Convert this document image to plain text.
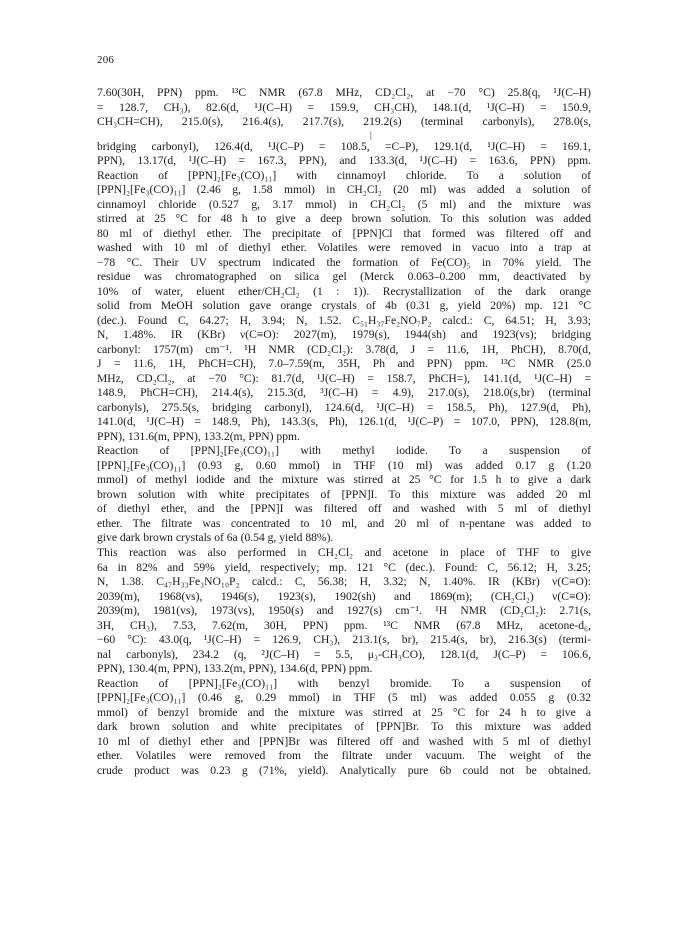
206
7.60(30H, PPN) ppm. ¹³C NMR (67.8 MHz, CD₂Cl₂, at −70 °C) 25.8(q, ¹J(C–H)
= 128.7, CH₃), 82.6(d, ¹J(C–H) = 159.9, CH₃CH), 148.1(d, ¹J(C–H) = 150.9,
CH₃CH=CH), 215.0(s), 216.4(s), 217.7(s), 219.2(s) (terminal carbonyls), 278.0(s,
|
bridging carbonyl), 126.4(d, ¹J(C–P) = 108.5, =C–P), 129.1(d, ¹J(C–H) = 169.1,
PPN), 13.17(d, ¹J(C–H) = 167.3, PPN), and 133.3(d, ¹J(C–H) = 163.6, PPN) ppm.
Reaction of [PPN]₂[Fe₃(CO)₁₁] with cinnamoyl chloride. To a solution of
[PPN]₂[Fe₃(CO)₁₁] (2.46 g, 1.58 mmol) in CH₂Cl₂ (20 ml) was added a solution of
cinnamoyl chloride (0.527 g, 3.17 mmol) in CH₂Cl₂ (5 ml) and the mixture was
stirred at 25 °C for 48 h to give a deep brown solution. To this solution was added
80 ml of diethyl ether. The precipitate of [PPN]Cl that formed was filtered off and
washed with 10 ml of diethyl ether. Volatiles were removed in vacuo into a trap at
−78 °C. Their UV spectrum indicated the formation of Fe(CO)₅ in 70% yield. The
residue was chromatographed on silica gel (Merck 0.063–0.200 mm, deactivated by
10% of water, eluent ether/CH₂Cl₂ (1 : 1)). Recrystallization of the dark orange
solid from MeOH solution gave orange crystals of 4b (0.31 g, yield 20%) mp. 121 °C
(dec.). Found C, 64.27; H, 3.94; N, 1.52. C₅₁H₃₇Fe₂NO₇P₂ calcd.: C, 64.51; H, 3.93;
N, 1.48%. IR (KBr) ν(C≡O): 2027(m), 1979(s), 1944(sh) and 1923(vs); bridging
carbonyl: 1757(m) cm⁻¹. ¹H NMR (CD₂Cl₂): 3.78(d, J = 11.6, 1H, PhCH), 8.70(d,
J = 11.6, 1H, PhCH=CH), 7.0–7.59(m, 35H, Ph and PPN) ppm. ¹³C NMR (25.0
MHz, CD₂Cl₂, at −70 °C): 81.7(d, ¹J(C–H) = 158.7, PhCH=), 141.1(d, ¹J(C–H) =
148.9, PhCH=CH), 214.4(s), 215.3(d, ³J(C–H) = 4.9), 217.0(s), 218.0(s,br) (terminal
carbonyls), 275.5(s, bridging carbonyl), 124.6(d, ¹J(C–H) = 158.5, Ph), 127.9(d, Ph),
141.0(d, ¹J(C–H) = 148.9, Ph), 143.3(s, Ph), 126.1(d, ¹J(C–P) = 107.0, PPN), 128.8(m,
PPN), 131.6(m, PPN), 133.2(m, PPN) ppm.
Reaction of [PPN]₂[Fe₃(CO)₁₁] with methyl iodide. To a suspension of
[PPN]₂[Fe₃(CO)₁₁] (0.93 g, 0.60 mmol) in THF (10 ml) was added 0.17 g (1.20
mmol) of methyl iodide and the mixture was stirred at 25 °C for 1.5 h to give a dark
brown solution with white precipitates of [PPN]I. To this mixture was added 20 ml
of diethyl ether, and the [PPN]I was filtered off and washed with 5 ml of diethyl
ether. The filtrate was concentrated to 10 ml, and 20 ml of n-pentane was added to
give dark brown crystals of 6a (0.54 g, yield 88%).
This reaction was also performed in CH₂Cl₂ and acetone in place of THF to give
6a in 82% and 59% yield, respectively; mp. 121 °C (dec.). Found: C, 56.12; H, 3.25;
N, 1.38. C₄₇H₃₃Fe₃NO₁₀P₂ calcd.: C, 56.38; H, 3.32; N, 1.40%. IR (KBr) ν(C≡O):
2039(m), 1968(vs), 1946(s), 1923(s), 1902(sh) and 1869(m); (CH₂Cl₂) ν(C≡O):
2039(m), 1981(vs), 1973(vs), 1950(s) and 1927(s) cm⁻¹. ¹H NMR (CD₂Cl₂): 2.71(s,
3H, CH₃), 7.53, 7.62(m, 30H, PPN) ppm. ¹³C NMR (67.8 MHz, acetone-d₆,
−60 °C): 43.0(q, ¹J(C–H) = 126.9, CH₃), 213.1(s, br), 215.4(s, br), 216.3(s) (termi-
nal carbonyls), 234.2 (q, ²J(C–H) = 5.5, μ₃-CH₃CO), 128.1(d, J(C–P) = 106.6,
PPN), 130.4(m, PPN), 133.2(m, PPN), 134.6(d, PPN) ppm.
Reaction of [PPN]₂[Fe₃(CO)₁₁] with benzyl bromide. To a suspension of
[PPN]₂[Fe₃(CO)₁₁] (0.46 g, 0.29 mmol) in THF (5 ml) was added 0.055 g (0.32
mmol) of benzyl bromide and the mixture was stirred at 25 °C for 24 h to give a
dark brown solution and white precipitates of [PPN]Br. To this mixture was added
10 ml of diethyl ether and [PPN]Br was filtered off and washed with 5 ml of diethyl
ether. Volatiles were removed from the filtrate under vacuum. The weight of the
crude product was 0.23 g (71%, yield). Analytically pure 6b could not be obtained.
